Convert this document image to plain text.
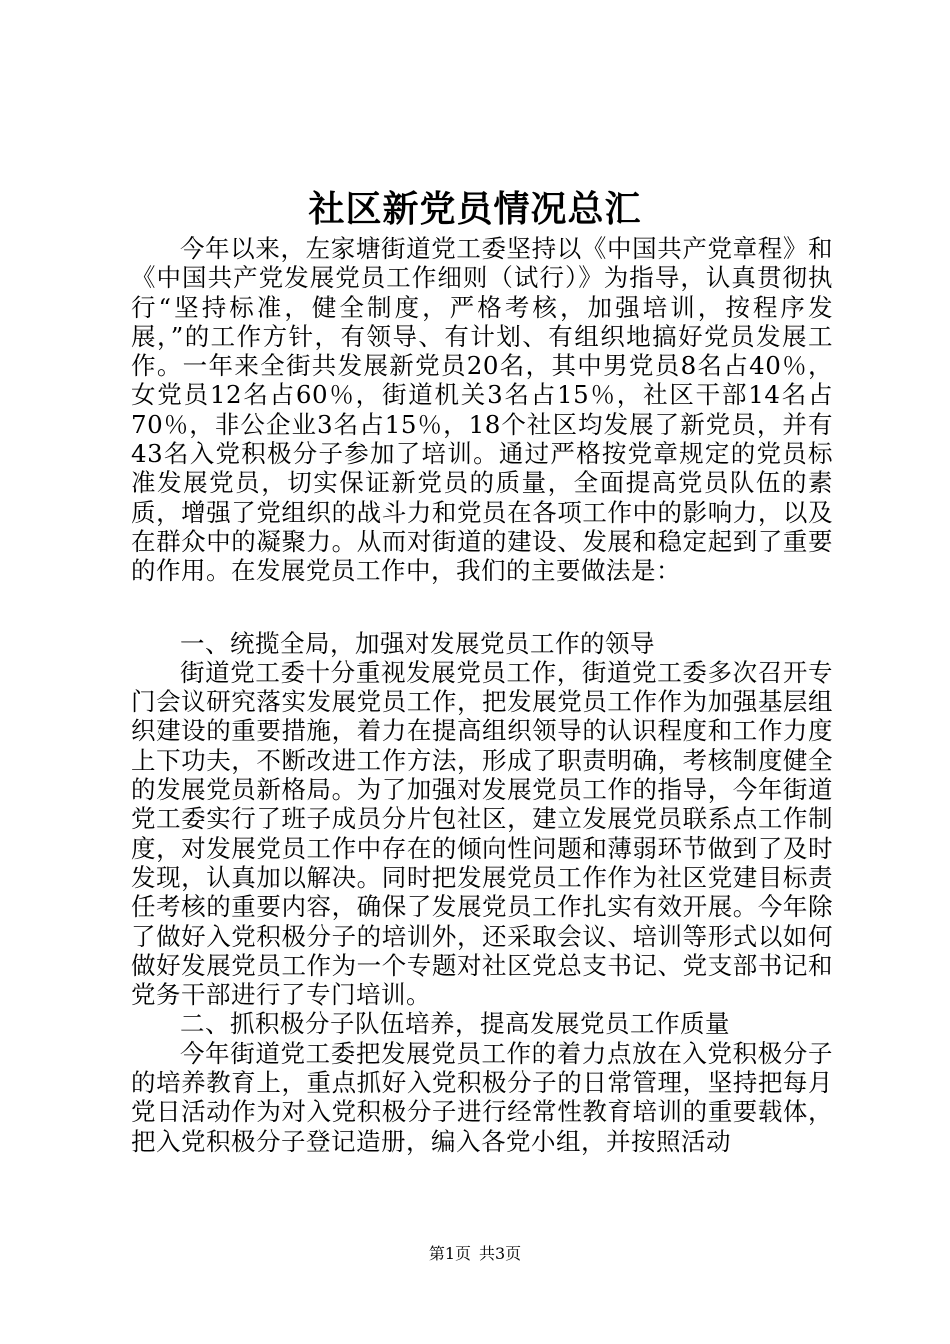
社区新党员情况总汇

今年以来，左家塘街道党工委坚持以《中国共产党章程》和《中国共产党发展党员工作细则（试行）》为指导，认真贯彻执行“坚持标准，健全制度，严格考核，加强培训，按程序发展，”的工作方针，有领导、有计划、有组织地搞好党员发展工作。一年来全街共发展新党员20名，其中男党员8名占40％，女党员12名占60％，街道机关3名占15％，社区干部14名占70％，非公企业3名占15％，18个社区均发展了新党员，并有43名入党积极分子参加了培训。通过严格按党章规定的党员标准发展党员，切实保证新党员的质量，全面提高党员队伍的素质，增强了党组织的战斗力和党员在各项工作中的影响力，以及在群众中的凝聚力。从而对街道的建设、发展和稳定起到了重要的作用。在发展党员工作中，我们的主要做法是：

一、统揽全局，加强对发展党员工作的领导

街道党工委十分重视发展党员工作，街道党工委多次召开专门会议研究落实发展党员工作，把发展党员工作作为加强基层组织建设的重要措施，着力在提高组织领导的认识程度和工作力度上下功夫，不断改进工作方法，形成了职责明确，考核制度健全的发展党员新格局。为了加强对发展党员工作的指导，今年街道党工委实行了班子成员分片包社区，建立发展党员联系点工作制度，对发展党员工作中存在的倾向性问题和薄弱环节做到了及时发现，认真加以解决。同时把发展党员工作作为社区党建目标责任考核的重要内容，确保了发展党员工作扎实有效开展。今年除了做好入党积极分子的培训外，还采取会议、培训等形式以如何做好发展党员工作为一个专题对社区党总支书记、党支部书记和党务干部进行了专门培训。

二、抓积极分子队伍培养，提高发展党员工作质量

今年街道党工委把发展党员工作的着力点放在入党积极分子的培养教育上，重点抓好入党积极分子的日常管理，坚持把每月党日活动作为对入党积极分子进行经常性教育培训的重要载体，把入党积极分子登记造册，编入各党小组，并按照活动

第1页 共3页
